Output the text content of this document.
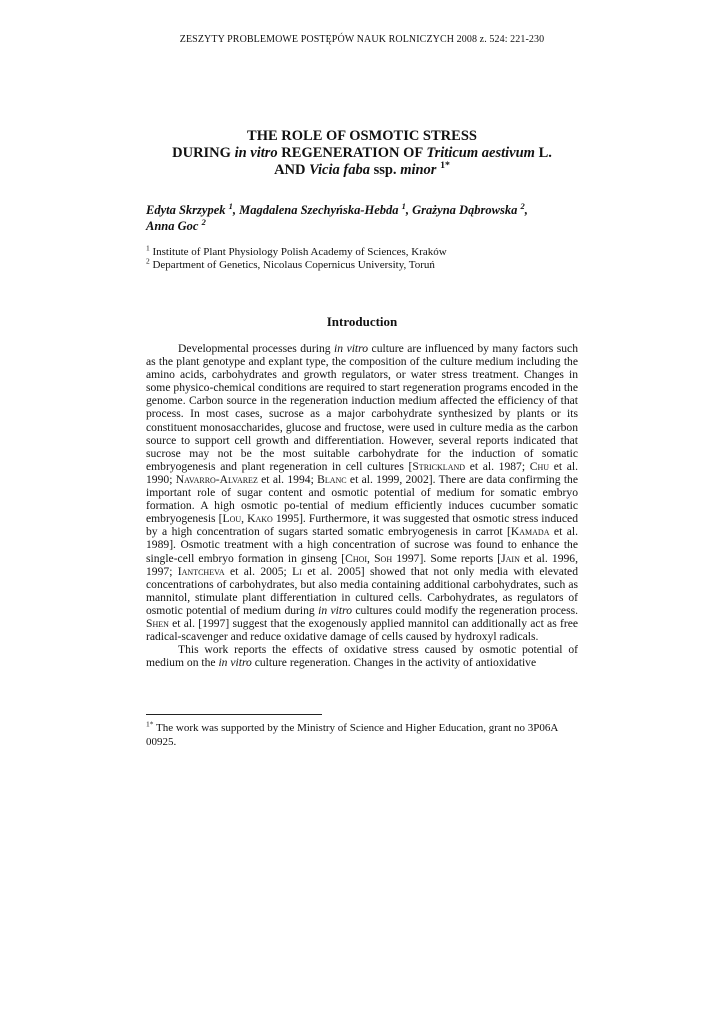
ZESZYTY PROBLEMOWE POSTĘPÓW NAUK ROLNICZYCH 2008 z. 524: 221-230
THE ROLE OF OSMOTIC STRESS
DURING in vitro REGENERATION OF Triticum aestivum L.
AND Vicia faba ssp. minor $^{1*}$
Edyta Skrzypek $^1$, Magdalena Szechyńska-Hebda $^1$, Grażyna Dąbrowska $^2$,
Anna Goc $^2$
$^1$ Institute of Plant Physiology Polish Academy of Sciences, Kraków
$^2$ Department of Genetics, Nicolaus Copernicus University, Toruń
Introduction

Developmental processes during in vitro culture are influenced by many factors such as the plant genotype and explant type, the composition of the culture medium including the amino acids, carbohydrates and growth regulators, or water stress treatment. Changes in some physico-chemical conditions are required to start regeneration programs encoded in the genome. Carbon source in the regeneration induction medium affected the efficiency of that process. In most cases, sucrose as a major carbohydrate synthesized by plants or its constituent monosaccharides, glucose and fructose, were used in culture media as the carbon source to support cell growth and differentiation. However, several reports indicated that sucrose may not be the most suitable carbohydrate for the induction of somatic embryogenesis and plant regeneration in cell cultures [Strickland et al. 1987; Chu et al. 1990; Navarro-Alvarez et al. 1994; Blanc et al. 1999, 2002]. There are data confirming the important role of sugar content and osmotic potential of medium for somatic embryo formation. A high osmotic po-tential of medium efficiently induces cucumber somatic embryogenesis [Lou, Kako 1995]. Furthermore, it was suggested that osmotic stress induced by a high concentration of sugars started somatic embryogenesis in carrot [Kamada et al. 1989]. Osmotic treatment with a high concentration of sucrose was found to enhance the single-cell embryo formation in ginseng [Choi, Soh 1997]. Some reports [Jain et al. 1996, 1997; Iantcheva et al. 2005; Li et al. 2005] showed that not only media with elevated concentrations of carbohydrates, but also media containing additional carbohydrates, such as mannitol, stimulate plant differentiation in cultured cells. Carbohydrates, as regulators of osmotic potential of medium during in vitro cultures could modify the regeneration process. Shen et al. [1997] suggest that the exogenously applied mannitol can additionally act as free radical-scavenger and reduce oxidative damage of cells caused by hydroxyl radicals.

This work reports the effects of oxidative stress caused by osmotic potential of medium on the in vitro culture regeneration. Changes in the activity of antioxidative

$^{1*}$ The work was supported by the Ministry of Science and Higher Education, grant no 3P06A 00925.
